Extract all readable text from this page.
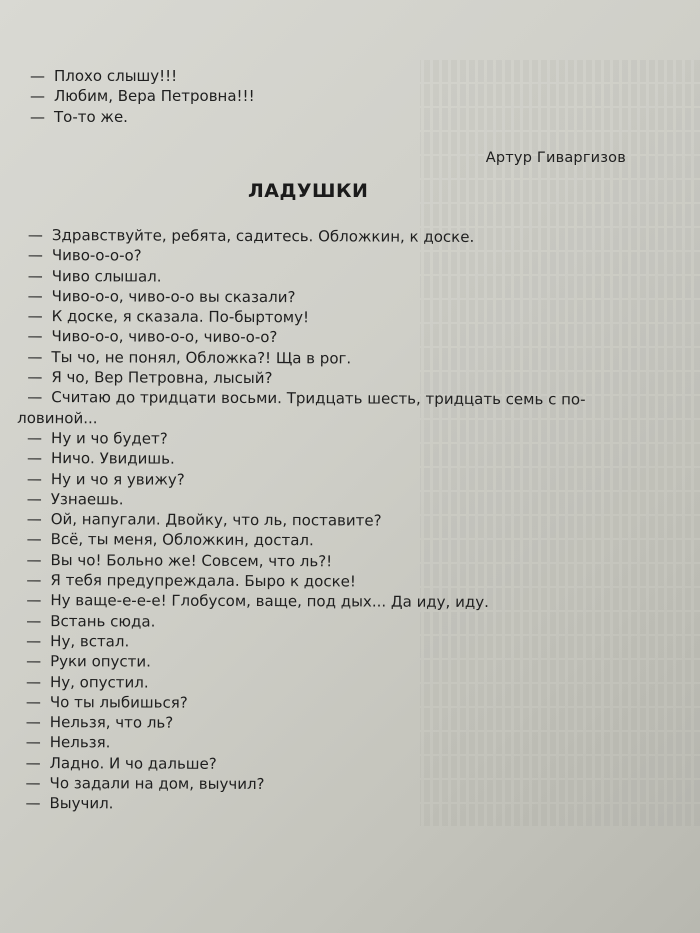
— Плохо слышу!!!
— Любим, Вера Петровна!!!
— То-то же.
Артур Гиваргизов
ЛАДУШКИ
— Здравствуйте, ребята, садитесь. Обложкин, к доске.
— Чиво-о-о-о?
— Чиво слышал.
— Чиво-о-о, чиво-о-о вы сказали?
— К доске, я сказала. По-быртому!
— Чиво-о-о, чиво-о-о, чиво-о-о?
— Ты чо, не понял, Обложка?! Ща в рог.
— Я чо, Вер Петровна, лысый?
— Считаю до тридцати восьми. Тридцать шесть, тридцать семь с по-
ловиной...
— Ну и чо будет?
— Ничо. Увидишь.
— Ну и чо я увижу?
— Узнаешь.
— Ой, напугали. Двойку, что ль, поставите?
— Всё, ты меня, Обложкин, достал.
— Вы чо! Больно же! Совсем, что ль?!
— Я тебя предупреждала. Быро к доске!
— Ну ваще-е-е-е! Глобусом, ваще, под дых... Да иду, иду.
— Встань сюда.
— Ну, встал.
— Руки опусти.
— Ну, опустил.
— Чо ты лыбишься?
— Нельзя, что ль?
— Нельзя.
— Ладно. И чо дальше?
— Чо задали на дом, выучил?
— Выучил.
